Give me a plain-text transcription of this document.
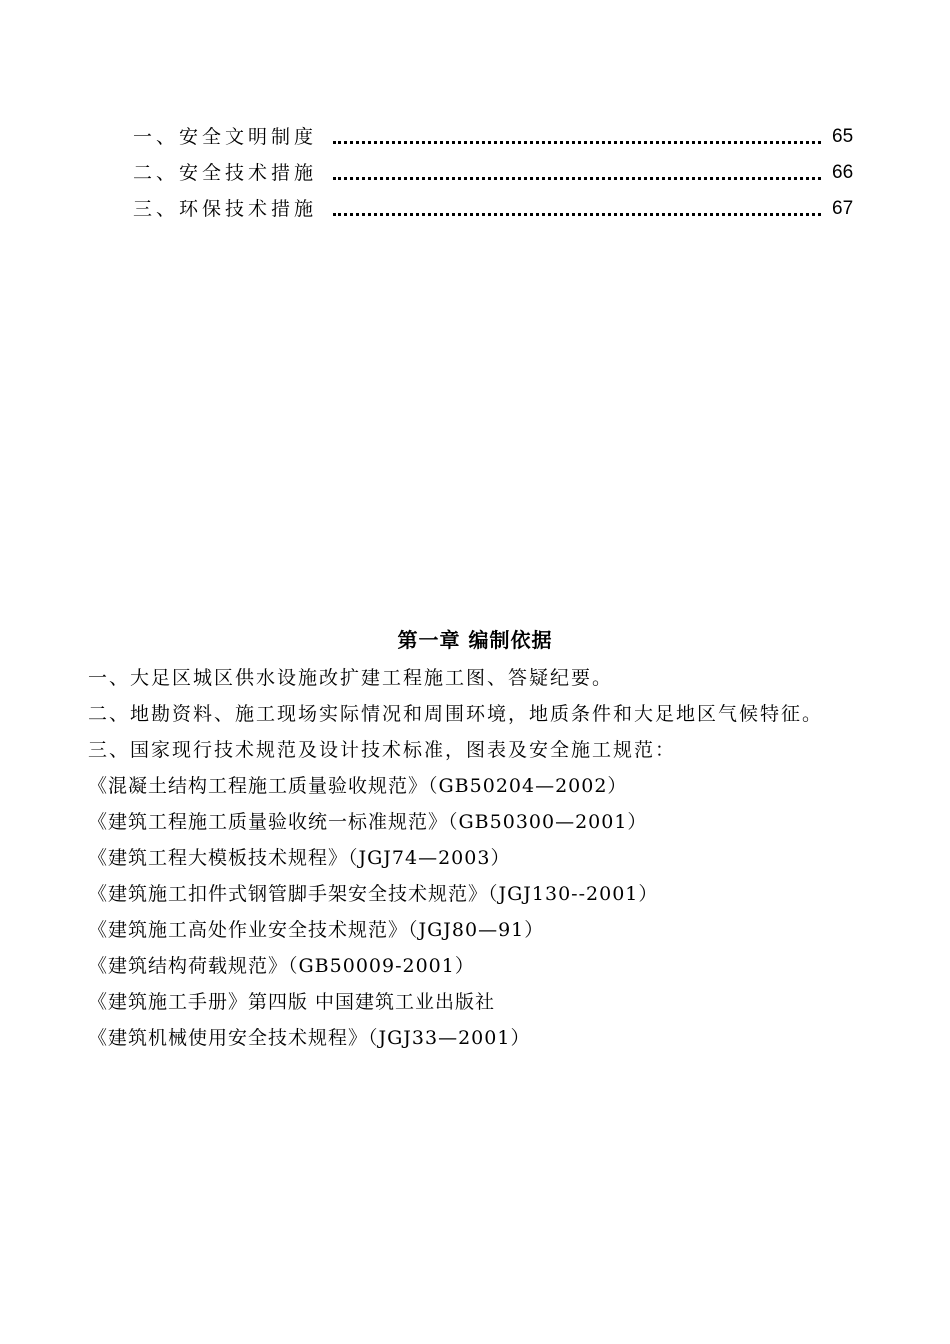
一、安全文明制度	65
二、安全技术措施	66
三、环保技术措施	67
第一章 编制依据
一、大足区城区供水设施改扩建工程施工图、答疑纪要。
二、地勘资料、施工现场实际情况和周围环境，地质条件和大足地区气候特征。
三、国家现行技术规范及设计技术标准，图表及安全施工规范：
《混凝土结构工程施工质量验收规范》（GB50204—2002）
《建筑工程施工质量验收统一标准规范》（GB50300—2001）
《建筑工程大模板技术规程》（JGJ74—2003）
《建筑施工扣件式钢管脚手架安全技术规范》（JGJ130--2001）
《建筑施工高处作业安全技术规范》（JGJ80—91）
《建筑结构荷载规范》（GB50009-2001）
《建筑施工手册》第四版 中国建筑工业出版社
《建筑机械使用安全技术规程》（JGJ33—2001）
